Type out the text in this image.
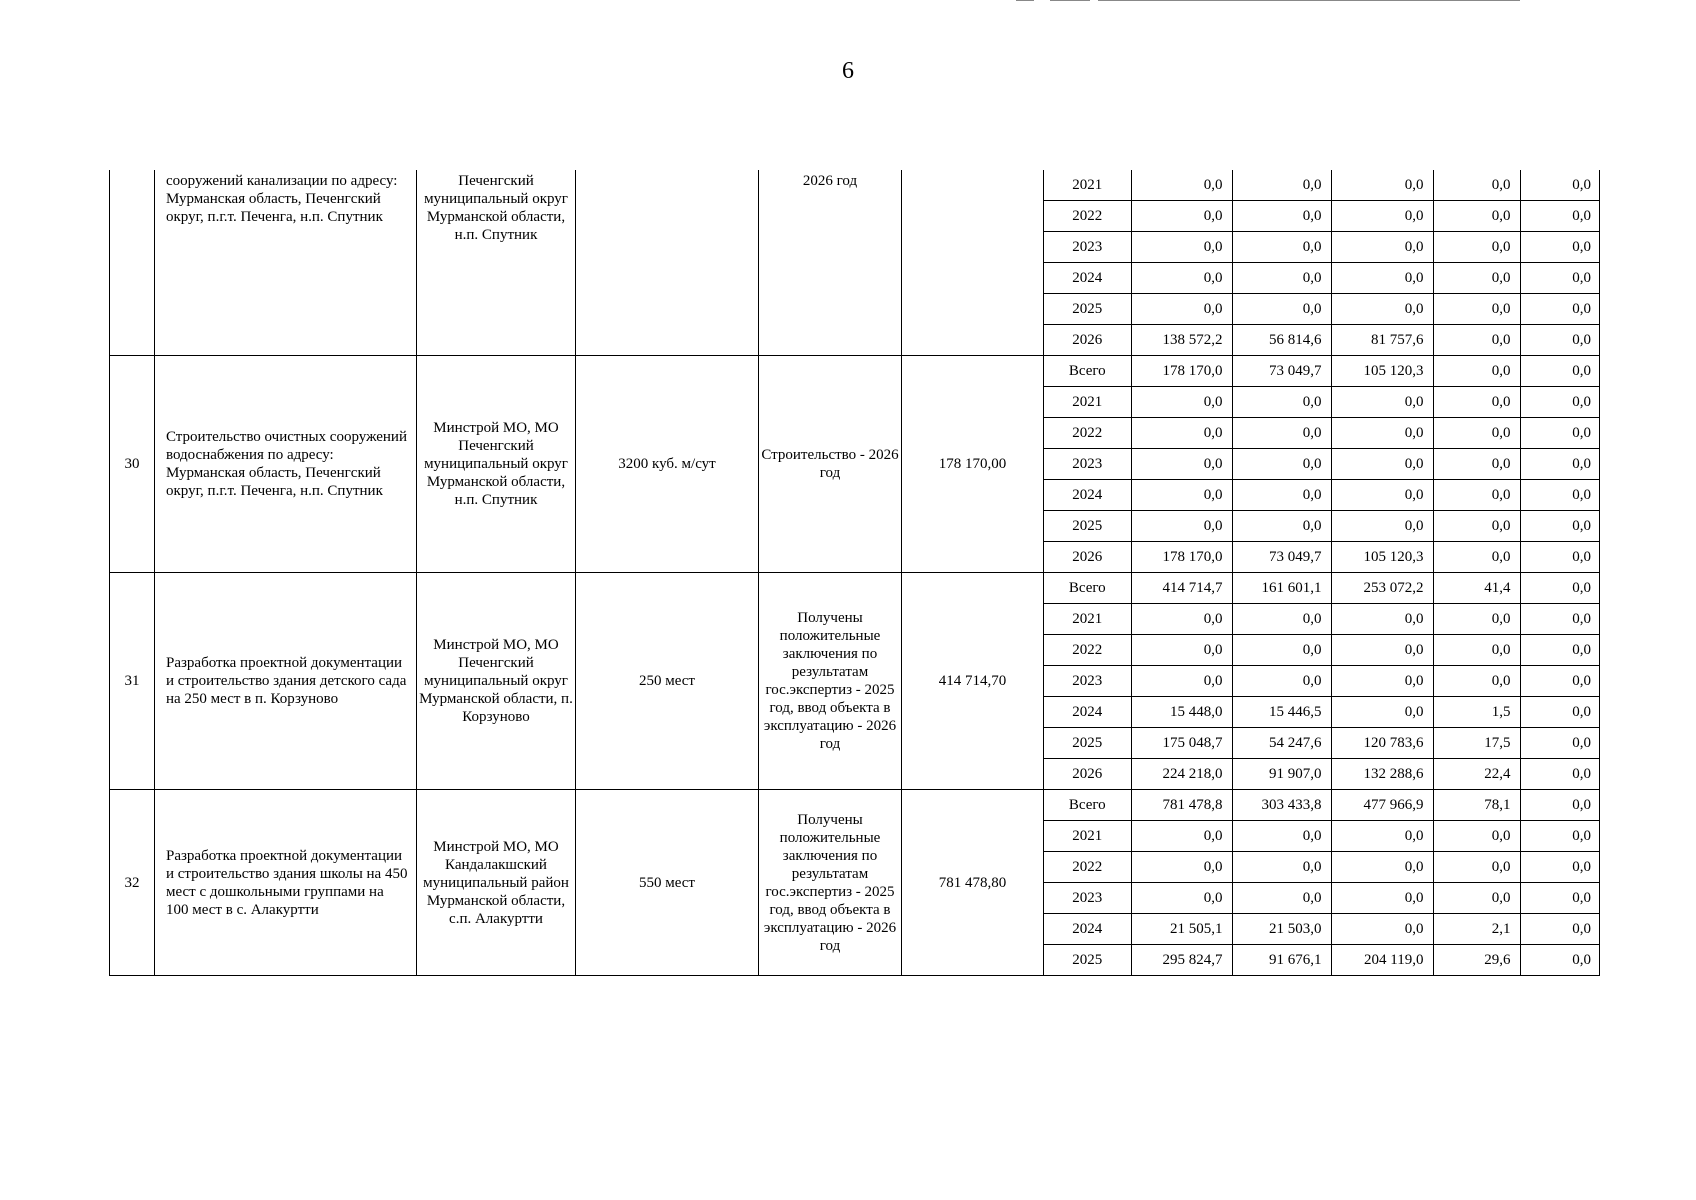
6
	сооружений канализации по адресу: Мурманская область, Печенгский округ, п.г.т. Печенга, н.п. Спутник	Печенгский муниципальный округ Мурманской области, н.п. Спутник		2026 год			2021	0,0	0,0	0,0	0,0	0,0
2022	0,0	0,0	0,0	0,0	0,0
2023	0,0	0,0	0,0	0,0	0,0
2024	0,0	0,0	0,0	0,0	0,0
2025	0,0	0,0	0,0	0,0	0,0
2026	138 572,2	56 814,6	81 757,6	0,0	0,0

30	Строительство очистных сооружений водоснабжения по адресу: Мурманская область, Печенгский округ, п.г.т. Печенга, н.п. Спутник	Минстрой МО, МО Печенгский муниципальный округ Мурманской области, н.п. Спутник	3200 куб. м/сут	Строительство - 2026 год	178 170,00	
Всего	178 170,0	73 049,7	105 120,3	0,0	0,0
2021	0,0	0,0	0,0	0,0	0,0
2022	0,0	0,0	0,0	0,0	0,0
2023	0,0	0,0	0,0	0,0	0,0
2024	0,0	0,0	0,0	0,0	0,0
2025	0,0	0,0	0,0	0,0	0,0
2026	178 170,0	73 049,7	105 120,3	0,0	0,0

31	Разработка проектной документации и строительство здания детского сада на 250 мест в п. Корзуново	Минстрой МО, МО Печенгский муниципальный округ Мурманской области, п. Корзуново	250 мест	Получены положительные заключения по результатам гос.экспертиз - 2025 год, ввод объекта в эксплуатацию - 2026 год	414 714,70	
Всего	414 714,7	161 601,1	253 072,2	41,4	0,0
2021	0,0	0,0	0,0	0,0	0,0
2022	0,0	0,0	0,0	0,0	0,0
2023	0,0	0,0	0,0	0,0	0,0
2024	15 448,0	15 446,5	0,0	1,5	0,0
2025	175 048,7	54 247,6	120 783,6	17,5	0,0
2026	224 218,0	91 907,0	132 288,6	22,4	0,0

32	Разработка проектной документации и строительство здания школы на 450 мест с дошкольными группами на 100 мест в с. Алакуртти	Минстрой МО, МО Кандалакшский муниципальный район Мурманской области, с.п. Алакуртти	550 мест	Получены положительные заключения по результатам гос.экспертиз - 2025 год, ввод объекта в эксплуатацию - 2026 год	781 478,80	
Всего	781 478,8	303 433,8	477 966,9	78,1	0,0
2021	0,0	0,0	0,0	0,0	0,0
2022	0,0	0,0	0,0	0,0	0,0
2023	0,0	0,0	0,0	0,0	0,0
2024	21 505,1	21 503,0	0,0	2,1	0,0
2025	295 824,7	91 676,1	204 119,0	29,6	0,0
